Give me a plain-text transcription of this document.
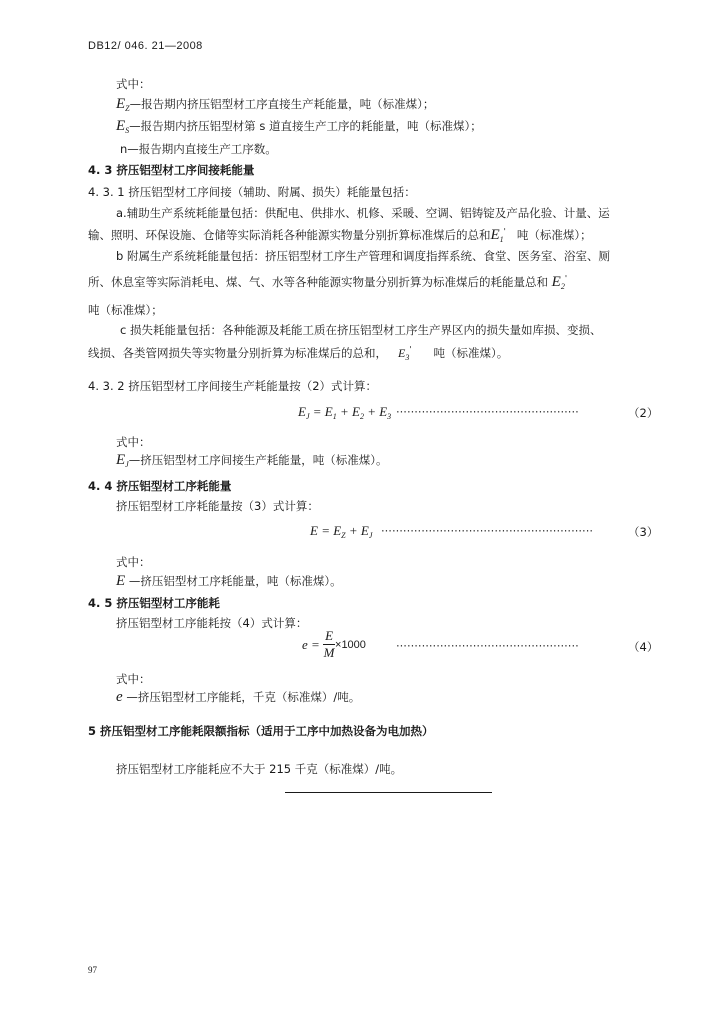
DB12/ 046. 21—2008
式中：
$E_Z—$报告期内挤压铝型材工序直接生产耗能量，吨（标准煤）；
$E_S—$报告期内挤压铝型材第 s 道直接生产工序的耗能量，吨（标准煤）；
n—报告期内直接生产工序数。
4. 3 挤压铝型材工序间接耗能量
4. 3. 1 挤压铝型材工序间接（辅助、附属、损失）耗能量包括：
a.辅助生产系统耗能量包括：供配电、供排水、机修、采暖、空调、铝铸锭及产品化验、计量、运
输、照明、环保设施、仓储等实际消耗各种能源实物量分别折算标准煤后的总和$E_1'$ 吨（标准煤）；
b 附属生产系统耗能量包括：挤压铝型材工序生产管理和调度指挥系统、食堂、医务室、浴室、厕
所、休息室等实际消耗电、煤、气、水等各种能源实物量分别折算为标准煤后的耗能量总和 $E_2'$
吨（标准煤）；
c 损失耗能量包括：各种能源及耗能工质在挤压铝型材工序生产界区内的损失量如库损、变损、
线损、各类管网损失等实物量分别折算为标准煤后的总和， $E_3'$ 吨（标准煤）。
4. 3. 2 挤压铝型材工序间接生产耗能量按（2）式计算：
$E_J = E_1 + E_2 + E_3$ ··················································	（2）
式中：
$E_J—$挤压铝型材工序间接生产耗能量，吨（标准煤）。
4. 4 挤压铝型材工序耗能量
挤压铝型材工序耗能量按（3）式计算：
$E = E_Z + E_J$ ··························································	（3）
式中：
E —挤压铝型材工序耗能量，吨（标准煤）。
4. 5 挤压铝型材工序能耗
挤压铝型材工序能耗按（4）式计算：
$e = \frac{E}{M} \times 1000$	··················································	（4）
式中：
e —挤压铝型材工序能耗，千克（标准煤）/吨。
5 挤压铝型材工序能耗限额指标（适用于工序中加热设备为电加热）
挤压铝型材工序能耗应不大于 215 千克（标准煤）/吨。
97
